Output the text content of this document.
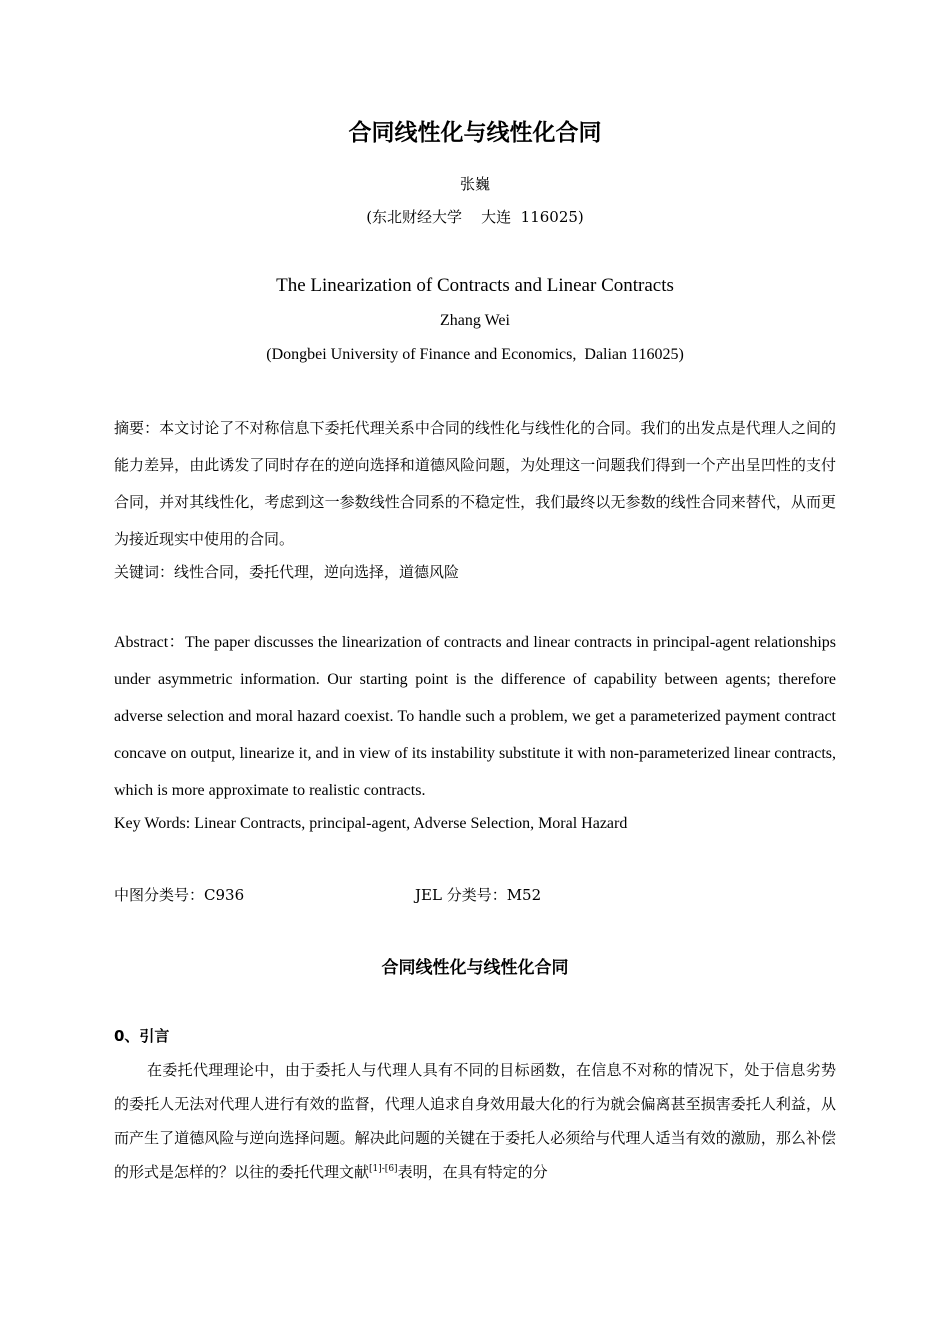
合同线性化与线性化合同
张巍
(东北财经大学    大连  116025)
The Linearization of Contracts and Linear Contracts
Zhang Wei
(Dongbei University of Finance and Economics,  Dalian 116025)
摘要：本文讨论了不对称信息下委托代理关系中合同的线性化与线性化的合同。我们的出发点是代理人之间的能力差异，由此诱发了同时存在的逆向选择和道德风险问题，为处理这一问题我们得到一个产出呈凹性的支付合同，并对其线性化，考虑到这一参数线性合同系的不稳定性，我们最终以无参数的线性合同来替代，从而更为接近现实中使用的合同。
关键词：线性合同，委托代理，逆向选择，道德风险
Abstract：The paper discusses the linearization of contracts and linear contracts in principal-agent relationships under asymmetric information. Our starting point is the difference of capability between agents; therefore adverse selection and moral hazard coexist. To handle such a problem, we get a parameterized payment contract concave on output, linearize it, and in view of its instability substitute it with non-parameterized linear contracts, which is more approximate to realistic contracts.
Key Words: Linear Contracts, principal-agent, Adverse Selection, Moral Hazard
中图分类号：C936	JEL 分类号：M52
合同线性化与线性化合同
0、引言
在委托代理理论中，由于委托人与代理人具有不同的目标函数，在信息不对称的情况下，处于信息劣势的委托人无法对代理人进行有效的监督，代理人追求自身效用最大化的行为就会偏离甚至损害委托人利益，从而产生了道德风险与逆向选择问题。解决此问题的关键在于委托人必须给与代理人适当有效的激励，那么补偿的形式是怎样的？以往的委托代理文献[1]-[6]表明，在具有特定的分
